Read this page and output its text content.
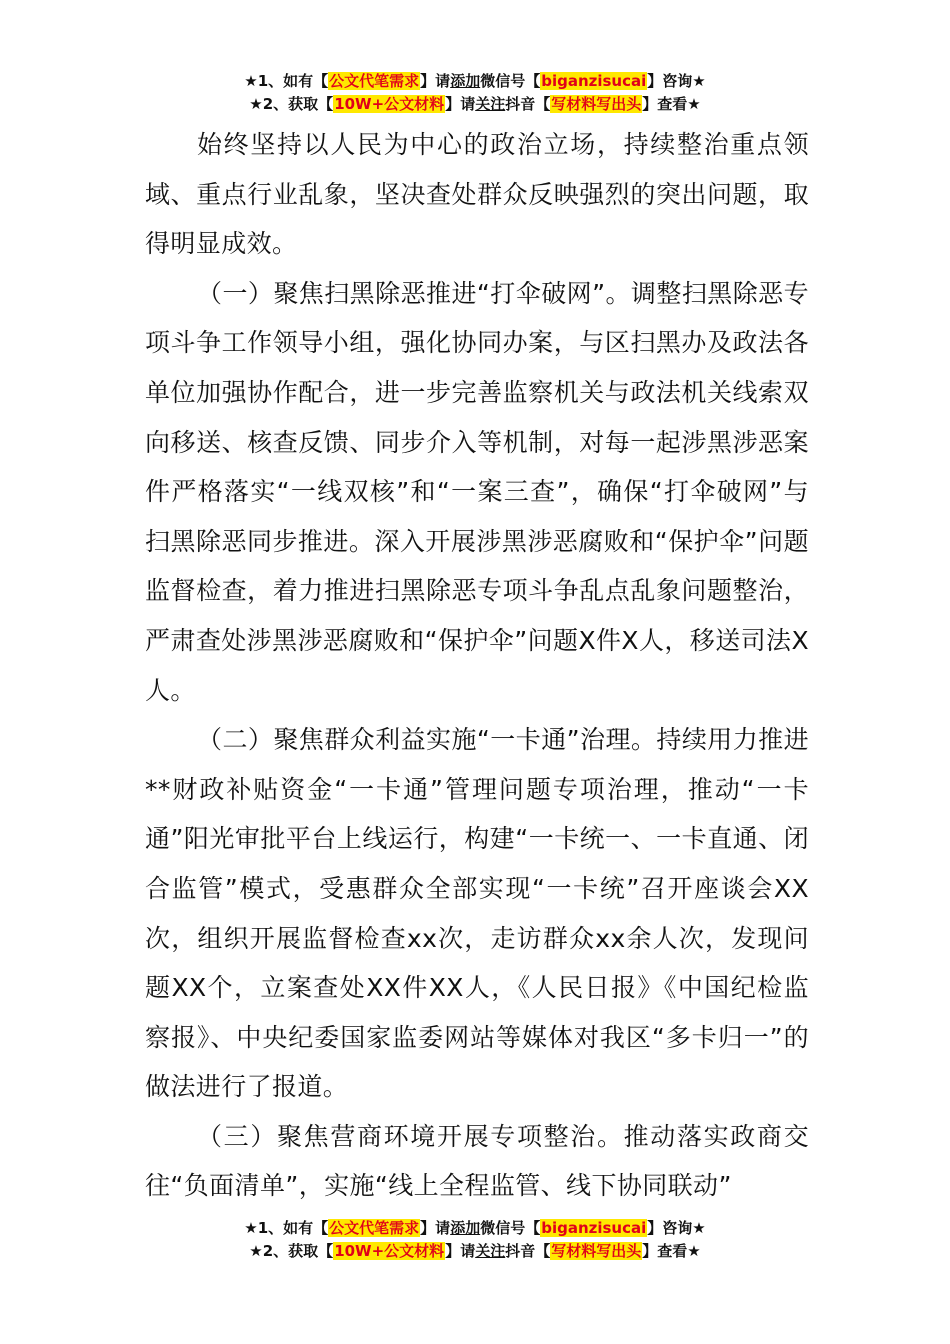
★1、如有【公文代笔需求】请添加微信号【biganzisucai】咨询★
★2、获取【10W+公文材料】请关注抖音【写材料写出头】查看★

始终坚持以人民为中心的政治立场，持续整治重点领域、重点行业乱象，坚决查处群众反映强烈的突出问题，取得明显成效。

（一）聚焦扫黑除恶推进“打伞破网”。调整扫黑除恶专项斗争工作领导小组，强化协同办案，与区扫黑办及政法各单位加强协作配合，进一步完善监察机关与政法机关线索双向移送、核查反馈、同步介入等机制，对每一起涉黑涉恶案件严格落实“一线双核”和“一案三查”，确保“打伞破网”与扫黑除恶同步推进。深入开展涉黑涉恶腐败和“保护伞”问题监督检查，着力推进扫黑除恶专项斗争乱点乱象问题整治，严肃查处涉黑涉恶腐败和“保护伞”问题X件X人，移送司法X人。

（二）聚焦群众利益实施“一卡通”治理。持续用力推进**财政补贴资金“一卡通”管理问题专项治理，推动“一卡通”阳光审批平台上线运行，构建“一卡统一、一卡直通、闭合监管”模式，受惠群众全部实现“一卡统”召开座谈会XX次，组织开展监督检查xx次，走访群众xx余人次，发现问题XX个，立案查处XX件XX人，《人民日报》《中国纪检监察报》、中央纪委国家监委网站等媒体对我区“多卡归一”的做法进行了报道。

（三）聚焦营商环境开展专项整治。推动落实政商交往“负面清单”，实施“线上全程监管、线下协同联动”

★1、如有【公文代笔需求】请添加微信号【biganzisucai】咨询★
★2、获取【10W+公文材料】请关注抖音【写材料写出头】查看★
